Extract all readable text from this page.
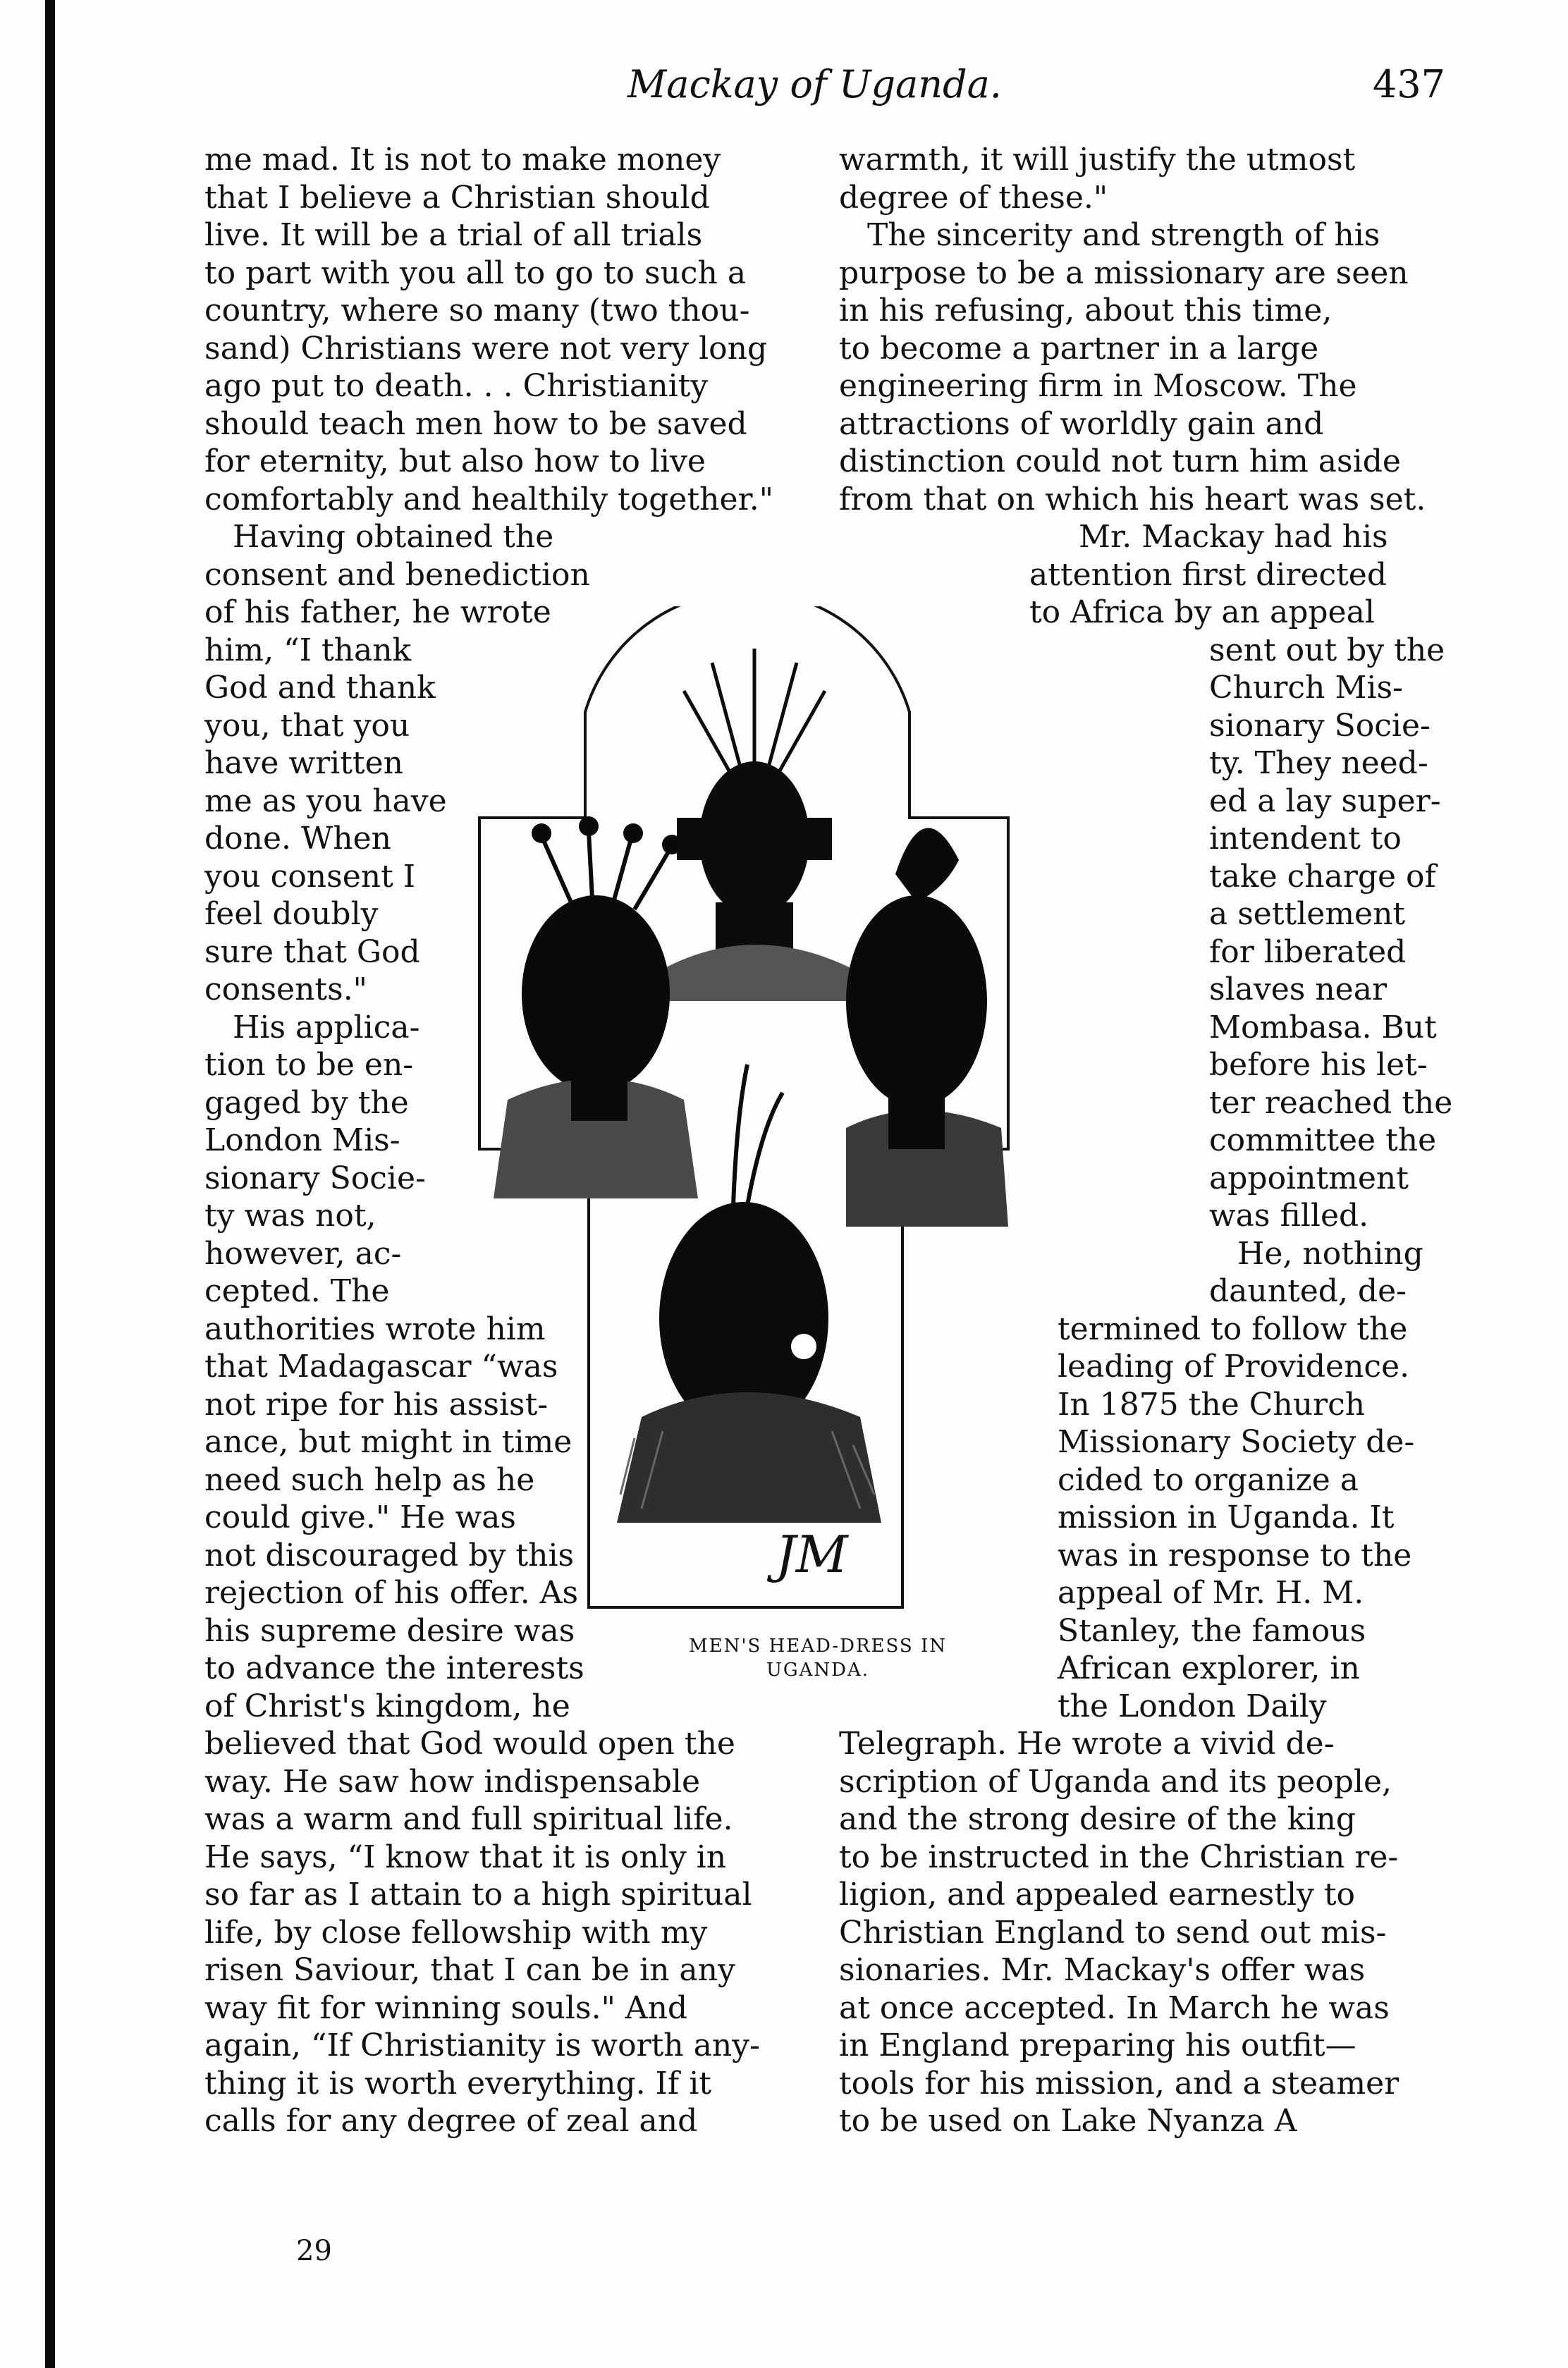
Mackay of Uganda.	437
me mad. It is not to make money
that I believe a Christian should
live. It will be a trial of all trials
to part with you all to go to such a
country, where so many (two thou-
sand) Christians were not very long
ago put to death. . . Christianity
should teach men how to be saved
for eternity, but also how to live
comfortably and healthily together."
Having obtained the
consent and benediction
of his father, he wrote
him, “I thank
God and thank
you, that you
have written
me as you have
done. When
you consent I
feel doubly
sure that God
consents."
His applica-
tion to be en-
gaged by the
London Mis-
sionary Socie-
ty was not,
however, ac-
cepted. The
authorities wrote him
that Madagascar “was
not ripe for his assist-
ance, but might in time
need such help as he
could give." He was
not discouraged by this
rejection of his offer. As
his supreme desire was
to advance the interests
of Christ's kingdom, he
believed that God would open the
way. He saw how indispensable
was a warm and full spiritual life.
He says, “I know that it is only in
so far as I attain to a high spiritual
life, by close fellowship with my
risen Saviour, that I can be in any
way fit for winning souls." And
again, “If Christianity is worth any-
thing it is worth everything. If it
calls for any degree of zeal and
warmth, it will justify the utmost
degree of these."
The sincerity and strength of his
purpose to be a missionary are seen
in his refusing, about this time,
to become a partner in a large
engineering firm in Moscow. The
attractions of worldly gain and
distinction could not turn him aside
from that on which his heart was set.
Mr. Mackay had his
attention first directed
to Africa by an appeal
sent out by the
Church Mis-
sionary Socie-
ty. They need-
ed a lay super-
intendent to
take charge of
a settlement
for liberated
slaves near
Mombasa. But
before his let-
ter reached the
committee the
appointment
was filled.
He, nothing
daunted, de-
termined to follow the
leading of Providence.
In 1875 the Church
Missionary Society de-
cided to organize a
mission in Uganda. It
was in response to the
appeal of Mr. H. M.
Stanley, the famous
African explorer, in
the London Daily
Telegraph. He wrote a vivid de-
scription of Uganda and its people,
and the strong desire of the king
to be instructed in the Christian re-
ligion, and appealed earnestly to
Christian England to send out mis-
sionaries. Mr. Mackay's offer was
at once accepted. In March he was
in England preparing his outfit—
tools for his mission, and a steamer
to be used on Lake Nyanza A
JM
MEN'S HEAD-DRESS IN
UGANDA.
29
